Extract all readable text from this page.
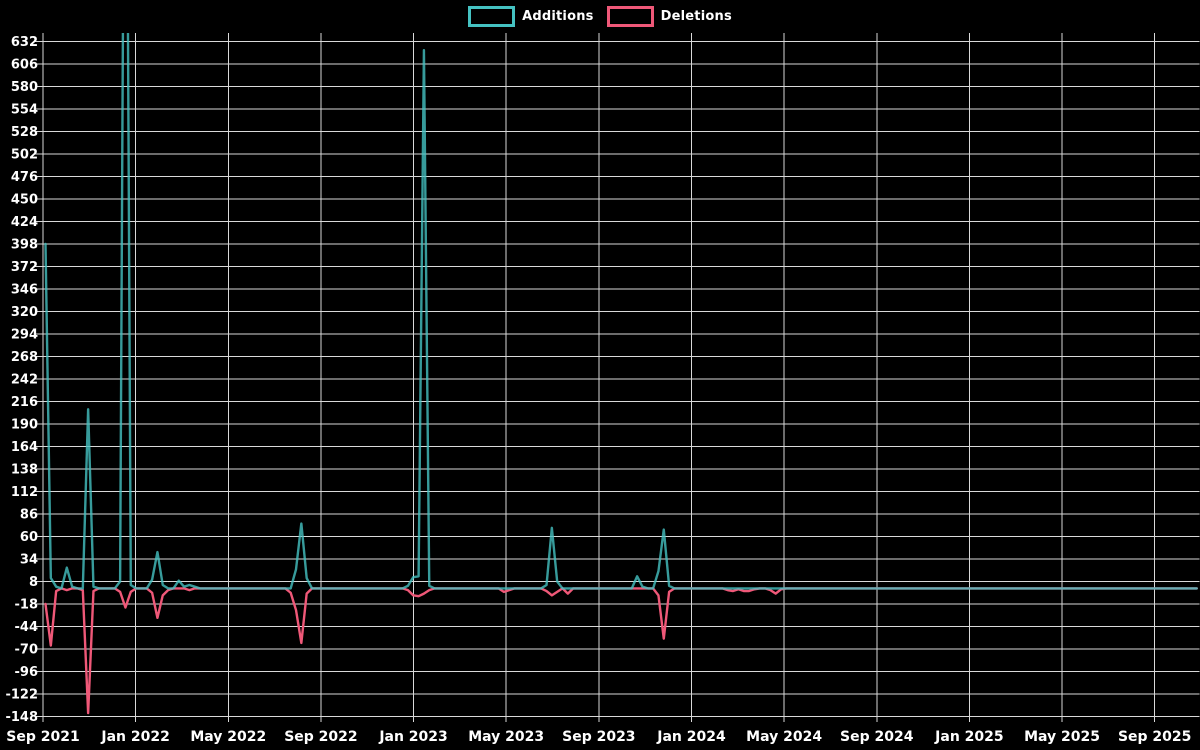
Additions	Deletions
632
606
580
554
528
502
476
450
424
398
372
346
320
294
268
242
216
190
164
138
112
86
60
34
8
-18
-44
-70
-96
-122
-148
Sep 2021 Jan 2022 May 2022 Sep 2022 Jan 2023 May 2023 Sep 2023 Jan 2024 May 2024 Sep 2024 Jan 2025 May 2025 Sep 2025
